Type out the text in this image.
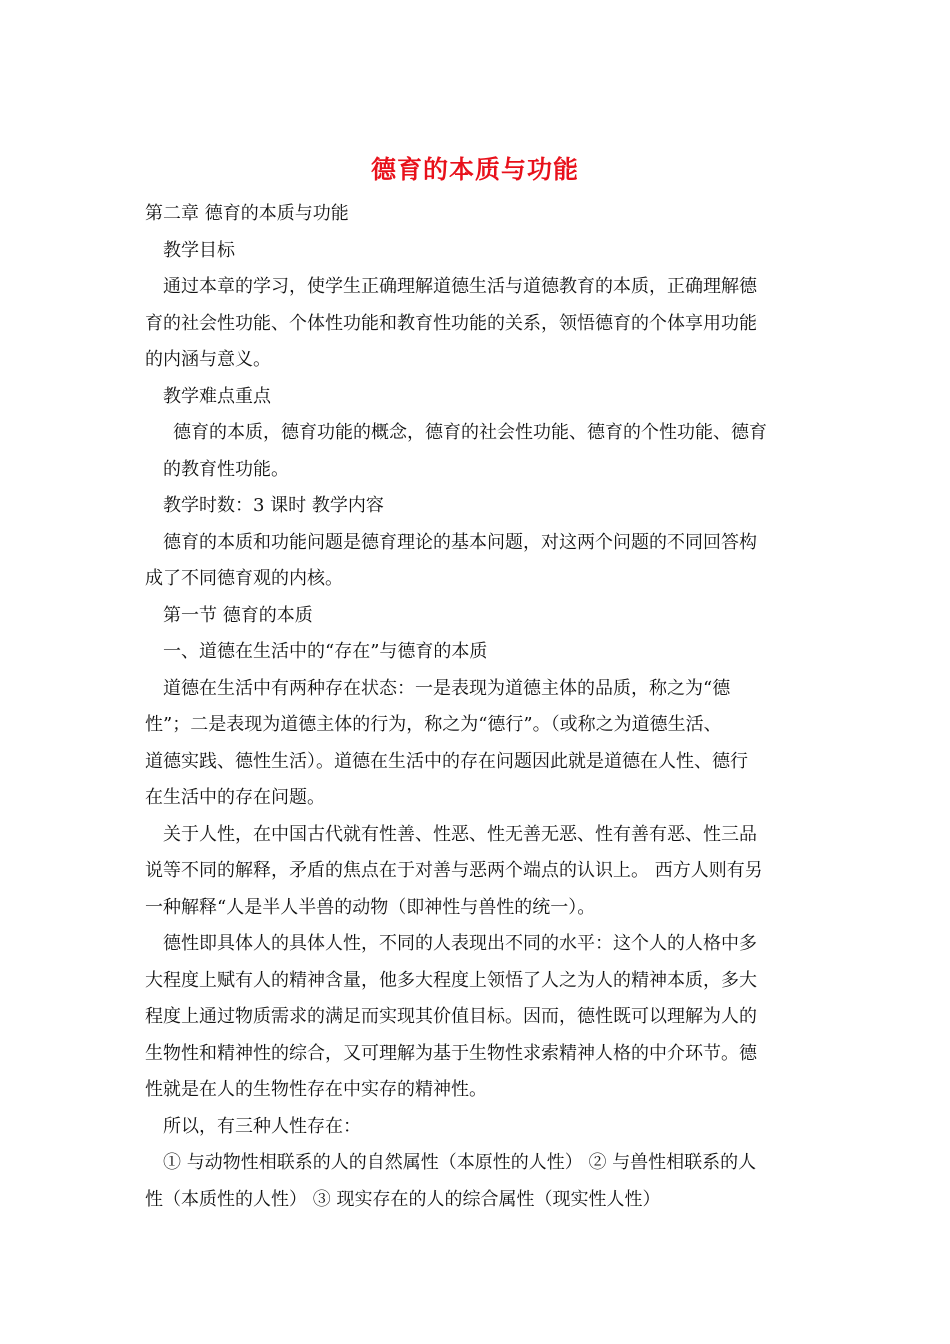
德育的本质与功能
第二章 德育的本质与功能
教学目标
通过本章的学习，使学生正确理解道德生活与道德教育的本质，正确理解德
育的社会性功能、个体性功能和教育性功能的关系，领悟德育的个体享用功能
的内涵与意义。
教学难点重点
德育的本质，德育功能的概念，德育的社会性功能、德育的个性功能、德育
的教育性功能。
教学时数：3 课时 教学内容
德育的本质和功能问题是德育理论的基本问题，对这两个问题的不同回答构
成了不同德育观的内核。
第一节 德育的本质
一、道德在生活中的“存在”与德育的本质
道德在生活中有两种存在状态：一是表现为道德主体的品质，称之为“德
性”；二是表现为道德主体的行为，称之为“德行”。（或称之为道德生活、
道德实践、德性生活）。道德在生活中的存在问题因此就是道德在人性、德行
在生活中的存在问题。
关于人性，在中国古代就有性善、性恶、性无善无恶、性有善有恶、性三品
说等不同的解释，矛盾的焦点在于对善与恶两个端点的认识上。 西方人则有另
一种解释“人是半人半兽的动物（即神性与兽性的统一）。
德性即具体人的具体人性，不同的人表现出不同的水平：这个人的人格中多
大程度上赋有人的精神含量，他多大程度上领悟了人之为人的精神本质，多大
程度上通过物质需求的满足而实现其价值目标。因而，德性既可以理解为人的
生物性和精神性的综合，又可理解为基于生物性求索精神人格的中介环节。德
性就是在人的生物性存在中实存的精神性。
所以，有三种人性存在：
① 与动物性相联系的人的自然属性（本原性的人性） ② 与兽性相联系的人
性（本质性的人性） ③ 现实存在的人的综合属性（现实性人性）
